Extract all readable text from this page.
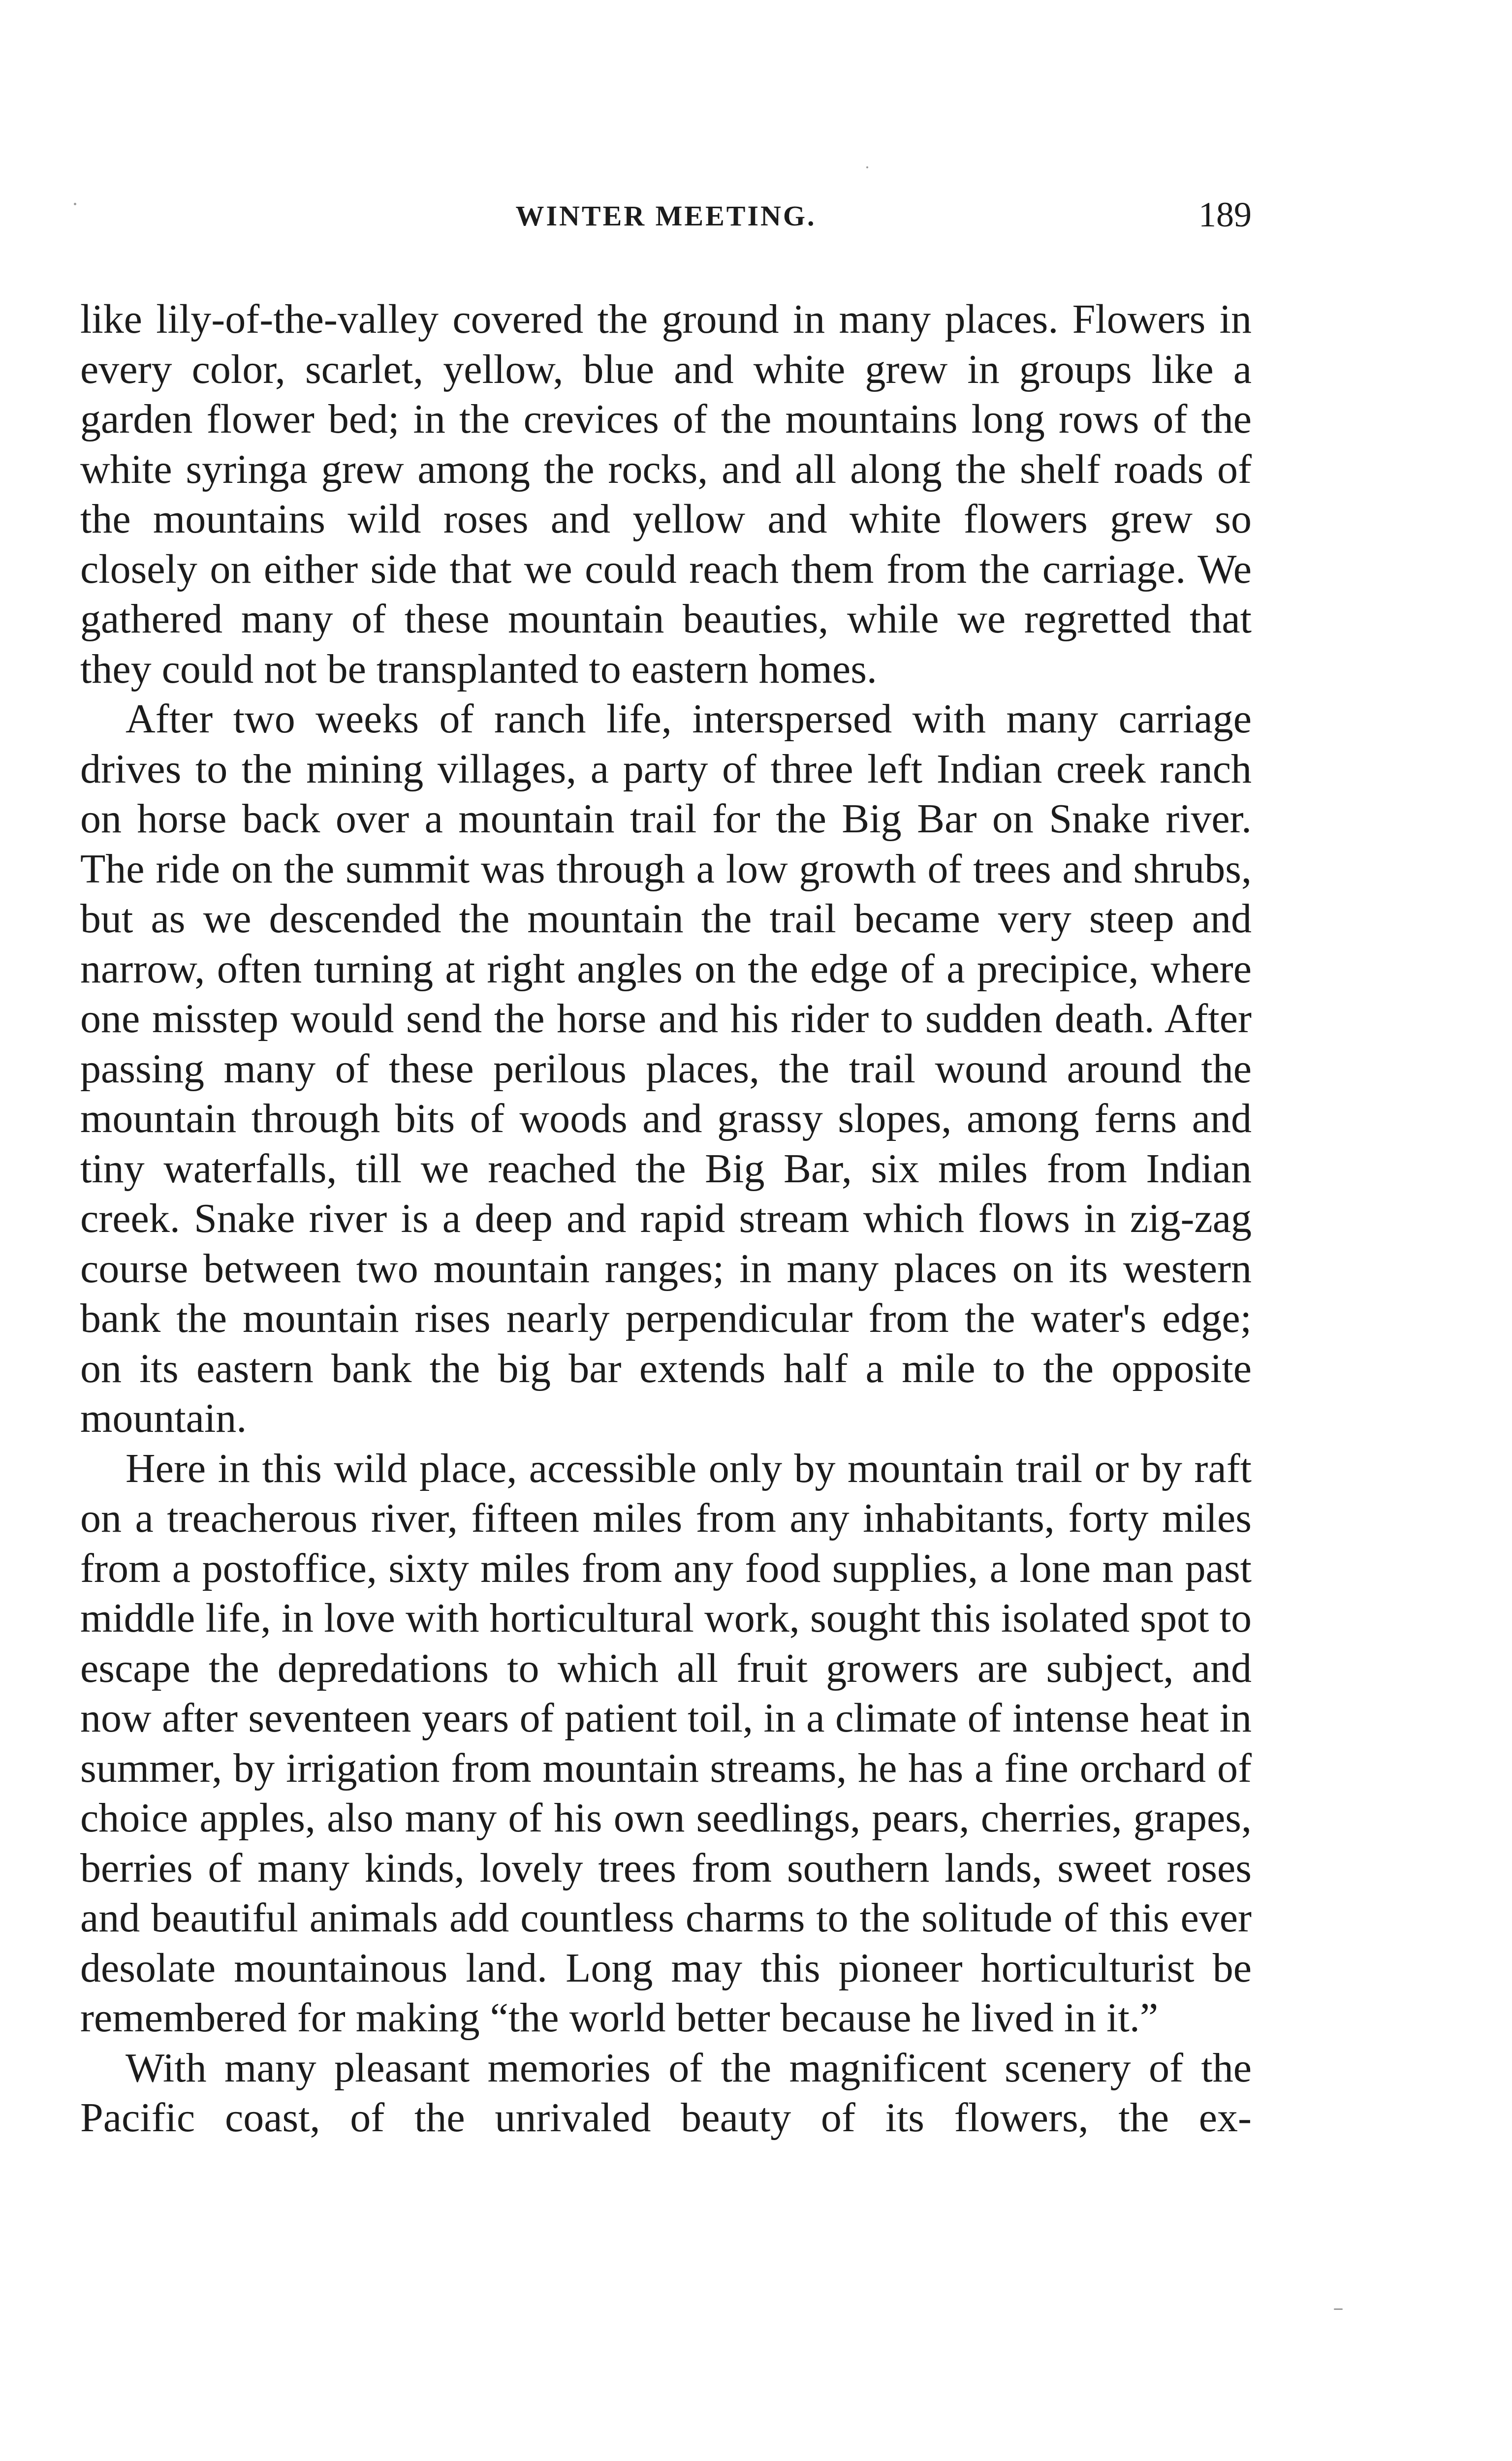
WINTER MEETING.	189

like lily-of-the-valley covered the ground in many places. Flowers in every color, scarlet, yellow, blue and white grew in groups like a garden flower bed; in the crevices of the mountains long rows of the white syringa grew among the rocks, and all along the shelf roads of the mountains wild roses and yellow and white flowers grew so closely on either side that we could reach them from the carriage. We gathered many of these mountain beauties, while we regretted that they could not be transplanted to eastern homes.

After two weeks of ranch life, interspersed with many carriage drives to the mining villages, a party of three left Indian creek ranch on horse back over a mountain trail for the Big Bar on Snake river. The ride on the summit was through a low growth of trees and shrubs, but as we descended the mountain the trail became very steep and narrow, often turning at right angles on the edge of a precipice, where one misstep would send the horse and his rider to sudden death. After passing many of these perilous places, the trail wound around the mountain through bits of woods and grassy slopes, among ferns and tiny waterfalls, till we reached the Big Bar, six miles from Indian creek. Snake river is a deep and rapid stream which flows in zig-zag course between two mountain ranges; in many places on its western bank the mountain rises nearly perpendicular from the water's edge; on its eastern bank the big bar extends half a mile to the opposite mountain.

Here in this wild place, accessible only by mountain trail or by raft on a treacherous river, fifteen miles from any inhabitants, forty miles from a postoffice, sixty miles from any food supplies, a lone man past middle life, in love with horticultural work, sought this isolated spot to escape the depredations to which all fruit growers are subject, and now after seventeen years of patient toil, in a climate of intense heat in summer, by irrigation from mountain streams, he has a fine orchard of choice apples, also many of his own seedlings, pears, cherries, grapes, berries of many kinds, lovely trees from southern lands, sweet roses and beautiful animals add countless charms to the solitude of this ever desolate mountainous land. Long may this pioneer horticulturist be remembered for making “the world better because he lived in it.”

With many pleasant memories of the magnificent scenery of the Pacific coast, of the unrivaled beauty of its flowers, the ex-
